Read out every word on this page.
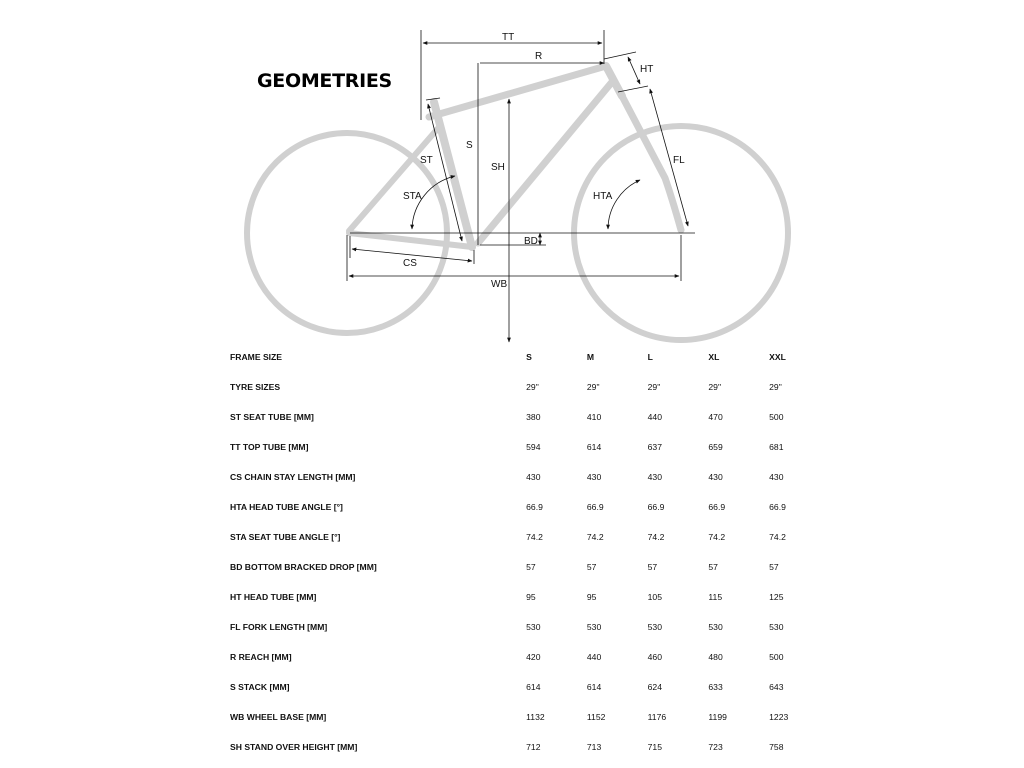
GEOMETRIES
TT
R
HT
S
SH
ST
STA
FL
HTA
BD
CS
WB
FRAME SIZE	S	M	L	XL	XXL
TYRE SIZES	29"	29"	29"	29"	29"
ST SEAT TUBE [MM]	380	410	440	470	500
TT TOP TUBE [MM]	594	614	637	659	681
CS CHAIN STAY LENGTH [MM]	430	430	430	430	430
HTA HEAD TUBE ANGLE [°]	66.9	66.9	66.9	66.9	66.9
STA SEAT TUBE ANGLE [°]	74.2	74.2	74.2	74.2	74.2
BD BOTTOM BRACKED DROP [MM]	57	57	57	57	57
HT HEAD TUBE [MM]	95	95	105	115	125
FL FORK LENGTH [MM]	530	530	530	530	530
R REACH [MM]	420	440	460	480	500
S STACK [MM]	614	614	624	633	643
WB WHEEL BASE [MM]	1132	1152	1176	1199	1223
SH STAND OVER HEIGHT [MM]	712	713	715	723	758
